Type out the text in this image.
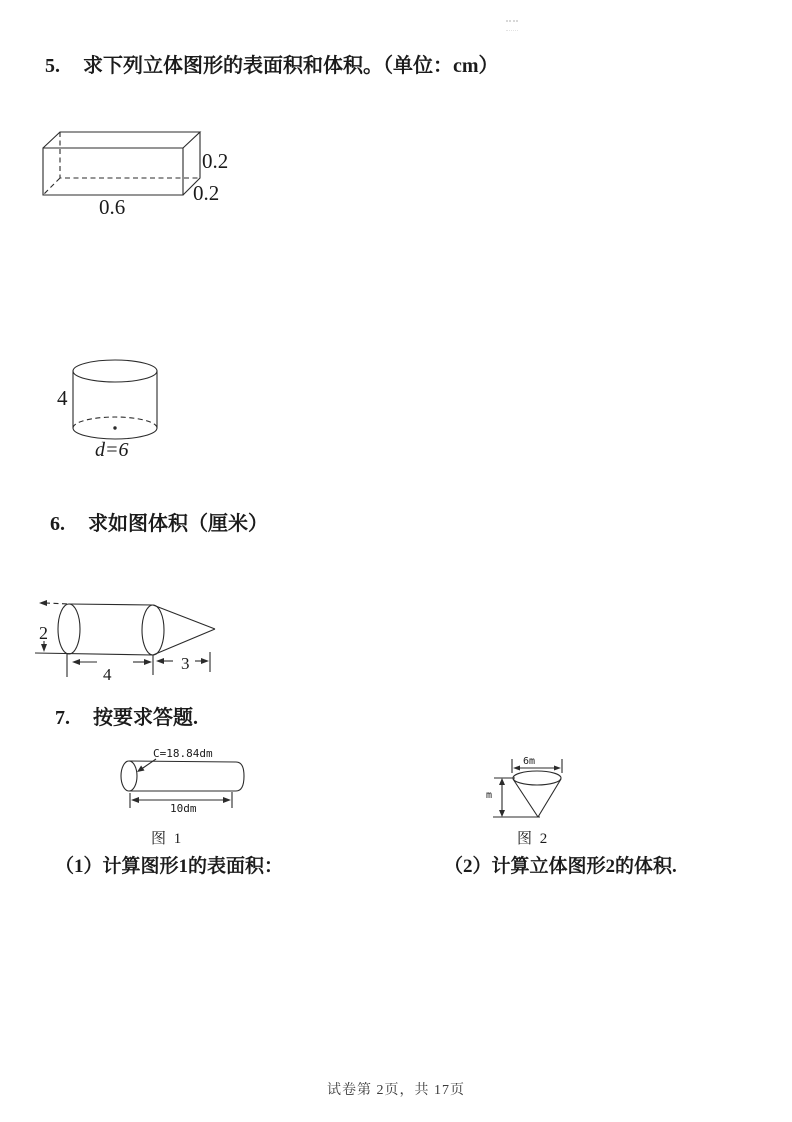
5. 求下列立体图形的表面积和体积。（单位：cm）
0.2
0.2
0.6
4
d=6
6. 求如图体积（厘米）
2
4
3
7. 按要求答题.
C=18.84dm
10dm
图 1
6m
m
图 2
（1）计算图形1的表面积：	（2）计算立体图形2的体积.
试卷第 2页，共 17页
